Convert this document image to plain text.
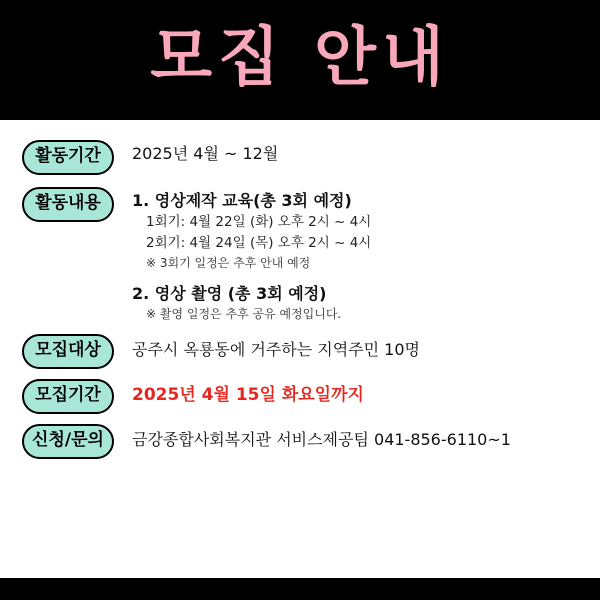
모집 안내
활동기간	2025년 4월 ~ 12월
활동내용	1. 영상제작 교육(총 3회 예정)
1회기: 4월 22일 (화) 오후 2시 ~ 4시
2회기: 4월 24일 (목) 오후 2시 ~ 4시
※ 3회기 일정은 추후 안내 예정
2. 영상 촬영 (총 3회 예정)
※ 촬영 일정은 추후 공유 예정입니다.
모집대상	공주시 옥룡동에 거주하는 지역주민 10명
모집기간	2025년 4월 15일 화요일까지
신청/문의	금강종합사회복지관 서비스제공팀 041-856-6110~1
